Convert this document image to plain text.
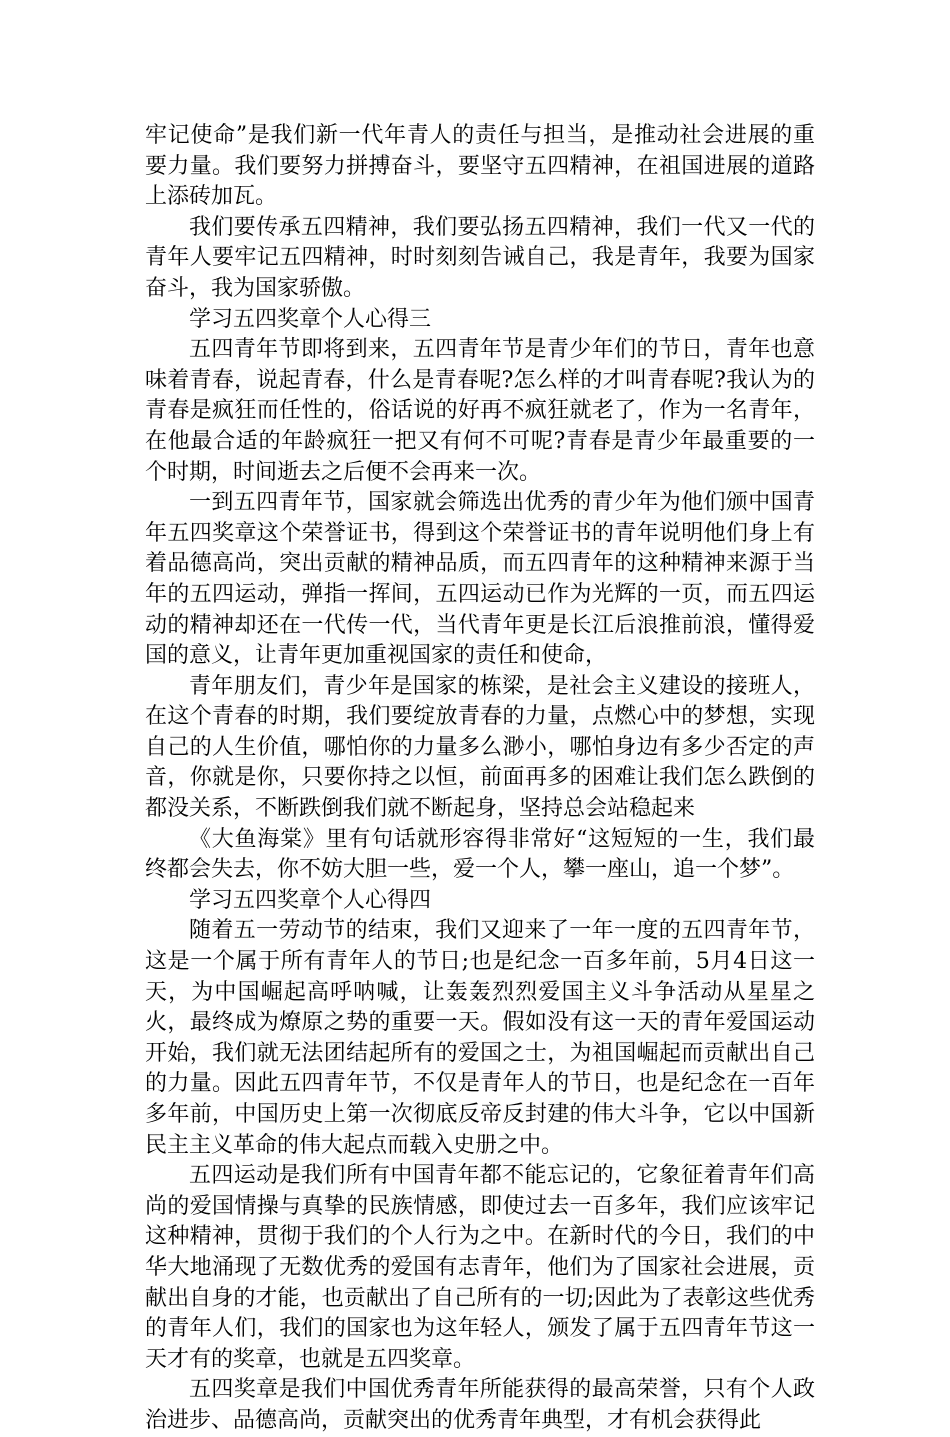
牢记使命”是我们新一代年青人的责任与担当，是推动社会进展的重要力量。我们要努力拼搏奋斗，要坚守五四精神，在祖国进展的道路上添砖加瓦。

我们要传承五四精神，我们要弘扬五四精神，我们一代又一代的青年人要牢记五四精神，时时刻刻告诫自己，我是青年，我要为国家奋斗，我为国家骄傲。

学习五四奖章个人心得三

五四青年节即将到来，五四青年节是青少年们的节日，青年也意味着青春，说起青春，什么是青春呢?怎么样的才叫青春呢?我认为的青春是疯狂而任性的，俗话说的好再不疯狂就老了，作为一名青年，在他最合适的年龄疯狂一把又有何不可呢?青春是青少年最重要的一个时期，时间逝去之后便不会再来一次。

一到五四青年节，国家就会筛选出优秀的青少年为他们颁中国青年五四奖章这个荣誉证书，得到这个荣誉证书的青年说明他们身上有着品德高尚，突出贡献的精神品质，而五四青年的这种精神来源于当年的五四运动，弹指一挥间，五四运动已作为光辉的一页，而五四运动的精神却还在一代传一代，当代青年更是长江后浪推前浪，懂得爱国的意义，让青年更加重视国家的责任和使命，

青年朋友们，青少年是国家的栋梁，是社会主义建设的接班人，在这个青春的时期，我们要绽放青春的力量，点燃心中的梦想，实现自己的人生价值，哪怕你的力量多么渺小，哪怕身边有多少否定的声音，你就是你，只要你持之以恒，前面再多的困难让我们怎么跌倒的都没关系，不断跌倒我们就不断起身，坚持总会站稳起来

《大鱼海棠》里有句话就形容得非常好“这短短的一生，我们最终都会失去，你不妨大胆一些，爱一个人，攀一座山，追一个梦”。

学习五四奖章个人心得四

随着五一劳动节的结束，我们又迎来了一年一度的五四青年节，这是一个属于所有青年人的节日;也是纪念一百多年前，5月4日这一天，为中国崛起高呼呐喊，让轰轰烈烈爱国主义斗争活动从星星之火，最终成为燎原之势的重要一天。假如没有这一天的青年爱国运动开始，我们就无法团结起所有的爱国之士，为祖国崛起而贡献出自己的力量。因此五四青年节，不仅是青年人的节日，也是纪念在一百年多年前，中国历史上第一次彻底反帝反封建的伟大斗争，它以中国新民主主义革命的伟大起点而载入史册之中。

五四运动是我们所有中国青年都不能忘记的，它象征着青年们高尚的爱国情操与真挚的民族情感，即使过去一百多年，我们应该牢记这种精神，贯彻于我们的个人行为之中。在新时代的今日，我们的中华大地涌现了无数优秀的爱国有志青年，他们为了国家社会进展，贡献出自身的才能，也贡献出了自己所有的一切;因此为了表彰这些优秀的青年人们，我们的国家也为这年轻人，颁发了属于五四青年节这一天才有的奖章，也就是五四奖章。

五四奖章是我们中国优秀青年所能获得的最高荣誉，只有个人政治进步、品德高尚，贡献突出的优秀青年典型，才有机会获得此
